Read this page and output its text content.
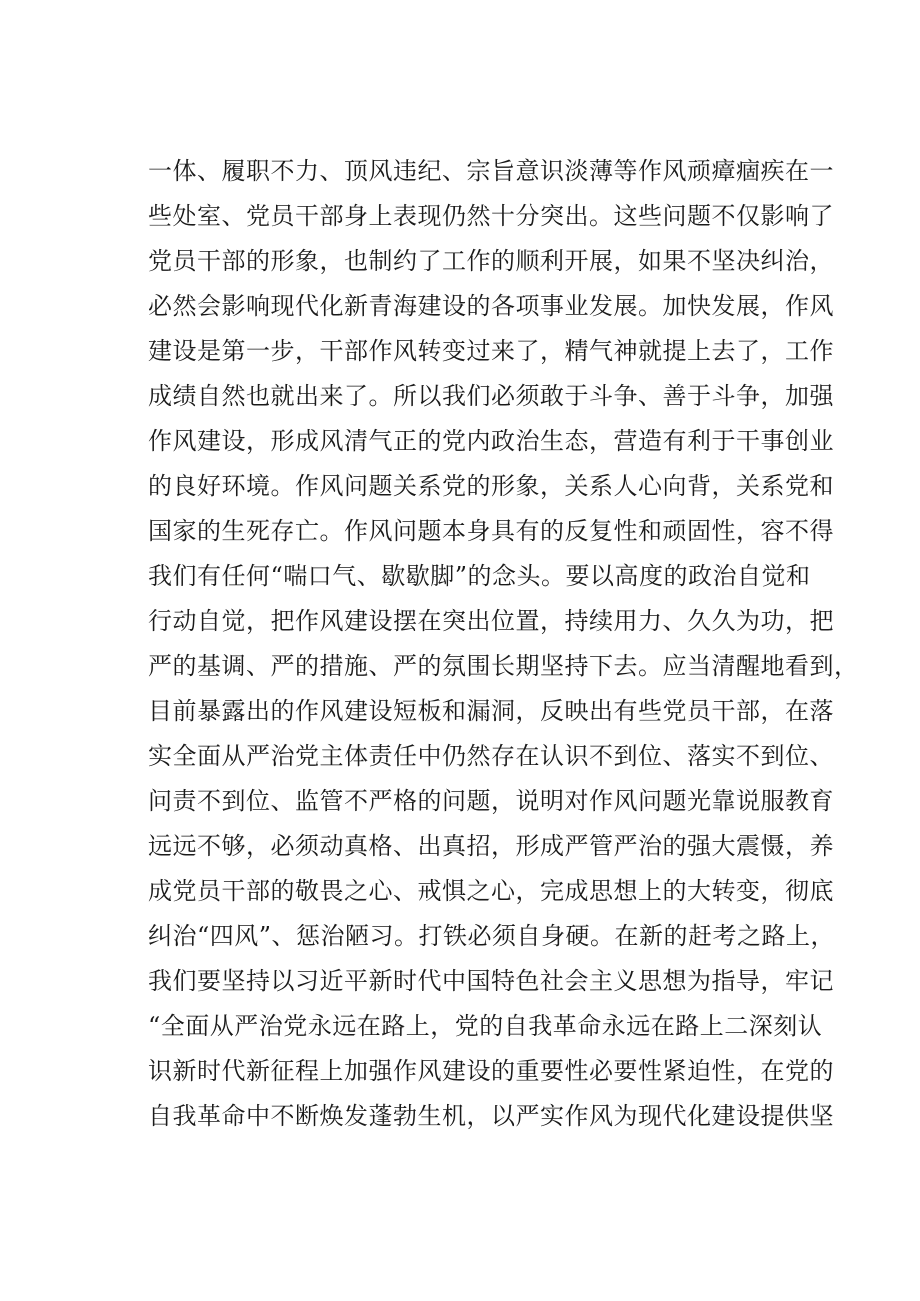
一体、履职不力、顶风违纪、宗旨意识淡薄等作风顽瘴痼疾在一
些处室、党员干部身上表现仍然十分突出。这些问题不仅影响了
党员干部的形象，也制约了工作的顺利开展，如果不坚决纠治，
必然会影响现代化新青海建设的各项事业发展。加快发展，作风
建设是第一步，干部作风转变过来了，精气神就提上去了，工作
成绩自然也就出来了。所以我们必须敢于斗争、善于斗争，加强
作风建设，形成风清气正的党内政治生态，营造有利于干事创业
的良好环境。作风问题关系党的形象，关系人心向背，关系党和
国家的生死存亡。作风问题本身具有的反复性和顽固性，容不得
我们有任何“喘口气、歇歇脚”的念头。要以高度的政治自觉和
行动自觉，把作风建设摆在突出位置，持续用力、久久为功，把
严的基调、严的措施、严的氛围长期坚持下去。应当清醒地看到，
目前暴露出的作风建设短板和漏洞，反映出有些党员干部，在落
实全面从严治党主体责任中仍然存在认识不到位、落实不到位、
问责不到位、监管不严格的问题，说明对作风问题光靠说服教育
远远不够，必须动真格、出真招，形成严管严治的强大震慑，养
成党员干部的敬畏之心、戒惧之心，完成思想上的大转变，彻底
纠治“四风”、惩治陋习。打铁必须自身硬。在新的赶考之路上，
我们要坚持以习近平新时代中国特色社会主义思想为指导，牢记
“全面从严治党永远在路上，党的自我革命永远在路上二深刻认
识新时代新征程上加强作风建设的重要性必要性紧迫性，在党的
自我革命中不断焕发蓬勃生机，以严实作风为现代化建设提供坚
